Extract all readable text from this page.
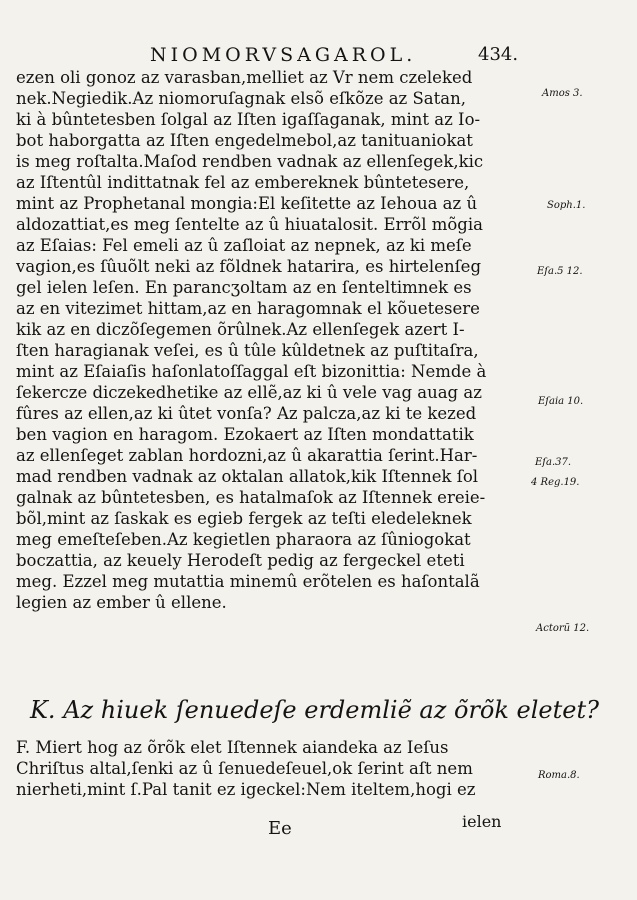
NIOMORVSAGAROL.	434.
ezen oli gonoz az varasban,melliet az Vr nem czeleked
nek.Negiedik.Az niomoruſagnak elsõ eſkõze az Satan,
ki à bûntetesben ſolgal az Iſten igaſſaganak, mint az Io-
bot haborgatta az Iſten engedelmebol,az tanituaniokat
is meg roſtalta.Maſod rendben vadnak az ellenſegek,kic
az Iſtentûl indittatnak fel az embereknek bûntetesere,
mint az Prophetanal mongia:El keſitette az Iehoua az û
aldozattiat,es meg ſentelte az û hiuatalosit. Errõl mõgia
az Eſaias: Fel emeli az û zaſloiat az nepnek, az ki meſe
vagion,es ſûuõlt neki az fõldnek hatarira, es hirtelenſeg
gel ielen leſen. En parancʒoltam az en ſenteltimnek es
az en vitezimet hittam,az en haragomnak el kõuetesere
kik az en diczõſegemen õrûlnek.Az ellenſegek azert I-
ſten haragianak veſei, es û tûle kûldetnek az puſtitaſra,
mint az Eſaiaſis haſonlatoſſaggal eſt bizonittia: Nemde à
ſekercze diczekedhetike az ellẽ,az ki û vele vag auag az
fûres az ellen,az ki ûtet vonſa? Az palcza,az ki te kezed
ben vagion en haragom. Ezokaert az Iſten mondattatik
az ellenſeget zablan hordozni,az û akarattia ſerint.Har-
mad rendben vadnak az oktalan allatok,kik Iſtennek ſol
galnak az bûntetesben, es hatalmaſok az Iſtennek ereie-
bõl,mint az ſaskak es egieb fergek az teſti eledeleknek
meg emeſteſeben.Az kegietlen pharaora az ſûniogokat
boczattia, az keuely Herodeſt pedig az fergeckel eteti
meg. Ezzel meg mutattia minemû erõtelen es haſontalã
legien az ember û ellene.
Amos 3.
Soph.1.
Eſa.5 12.
Eſaia 10.
Eſa.37.
4 Reg.19.
Actorũ 12.
Roma.8.
K. Az hiuek ſenuedeſe erdemliẽ az õrõk eletet?
F. Miert hog az õrõk elet Iſtennek aiandeka az Ieſus
Chriſtus altal,ſenki az û ſenuedeſeuel,ok ſerint aſt nem
nierheti,mint ſ.Pal tanit ez igeckel:Nem iteltem,hogi ez
Ee	ielen
